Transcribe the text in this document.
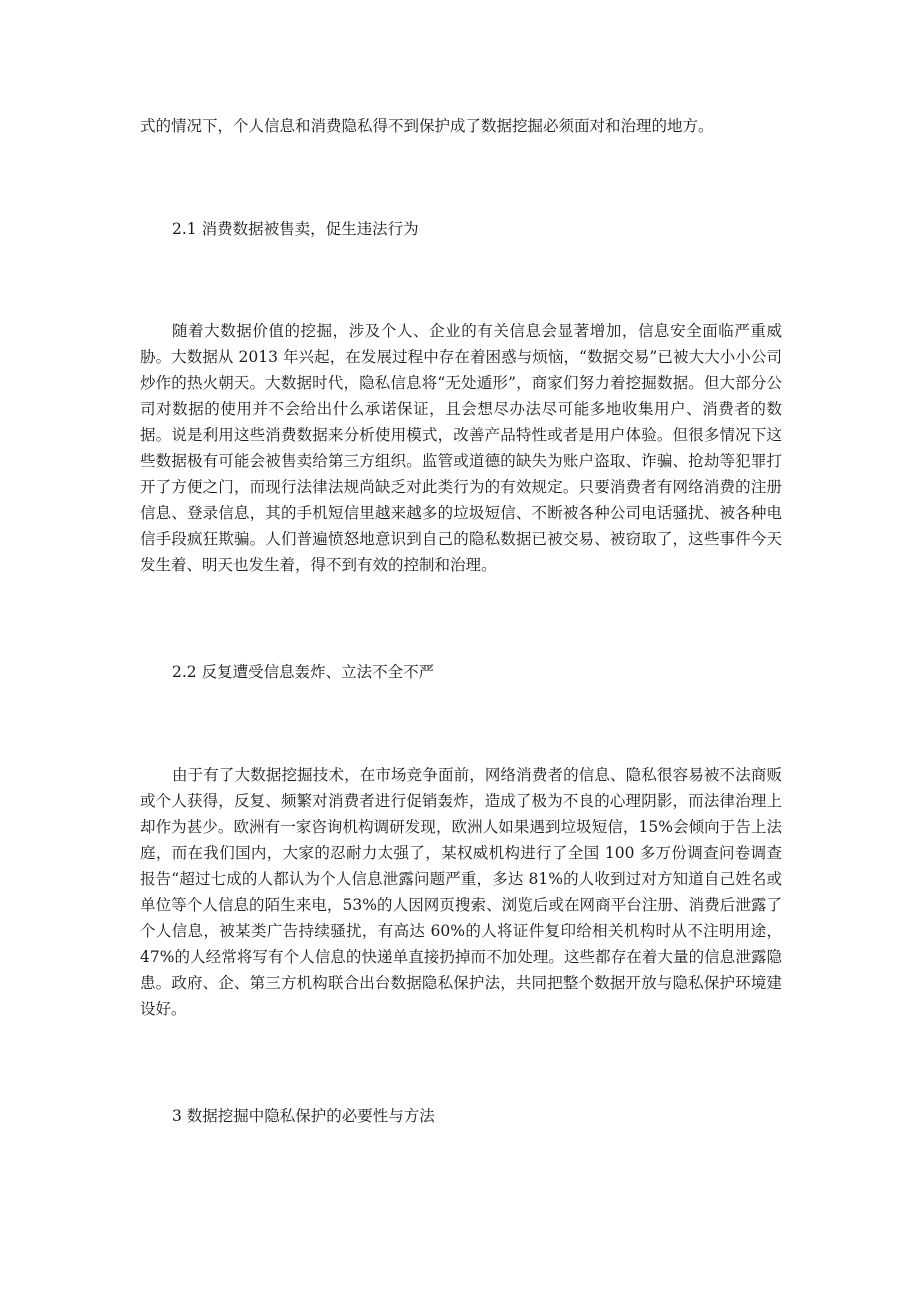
式的情况下，个人信息和消费隐私得不到保护成了数据挖掘必须面对和治理的地方。

2.1 消费数据被售卖，促生违法行为

随着大数据价值的挖掘，涉及个人、企业的有关信息会显著增加，信息安全面临严重威胁。大数据从 2013 年兴起，在发展过程中存在着困惑与烦恼，“数据交易”已被大大小小公司炒作的热火朝天。大数据时代，隐私信息将“无处遁形”，商家们努力着挖掘数据。但大部分公司对数据的使用并不会给出什么承诺保证，且会想尽办法尽可能多地收集用户、消费者的数据。说是利用这些消费数据来分析使用模式，改善产品特性或者是用户体验。但很多情况下这些数据极有可能会被售卖给第三方组织。监管或道德的缺失为账户盗取、诈骗、抢劫等犯罪打开了方便之门，而现行法律法规尚缺乏对此类行为的有效规定。只要消费者有网络消费的注册信息、登录信息，其的手机短信里越来越多的垃圾短信、不断被各种公司电话骚扰、被各种电信手段疯狂欺骗。人们普遍愤怒地意识到自己的隐私数据已被交易、被窃取了，这些事件今天发生着、明天也发生着，得不到有效的控制和治理。

2.2 反复遭受信息轰炸、立法不全不严

由于有了大数据挖掘技术，在市场竞争面前，网络消费者的信息、隐私很容易被不法商贩或个人获得，反复、频繁对消费者进行促销轰炸，造成了极为不良的心理阴影，而法律治理上却作为甚少。欧洲有一家咨询机构调研发现，欧洲人如果遇到垃圾短信，15%会倾向于告上法庭，而在我们国内，大家的忍耐力太强了，某权威机构进行了全国 100 多万份调查问卷调查报告“超过七成的人都认为个人信息泄露问题严重，多达 81%的人收到过对方知道自己姓名或单位等个人信息的陌生来电，53%的人因网页搜索、浏览后或在网商平台注册、消费后泄露了个人信息，被某类广告持续骚扰，有高达 60%的人将证件复印给相关机构时从不注明用途，47%的人经常将写有个人信息的快递单直接扔掉而不加处理。这些都存在着大量的信息泄露隐患。政府、企、第三方机构联合出台数据隐私保护法，共同把整个数据开放与隐私保护环境建设好。

3 数据挖掘中隐私保护的必要性与方法
